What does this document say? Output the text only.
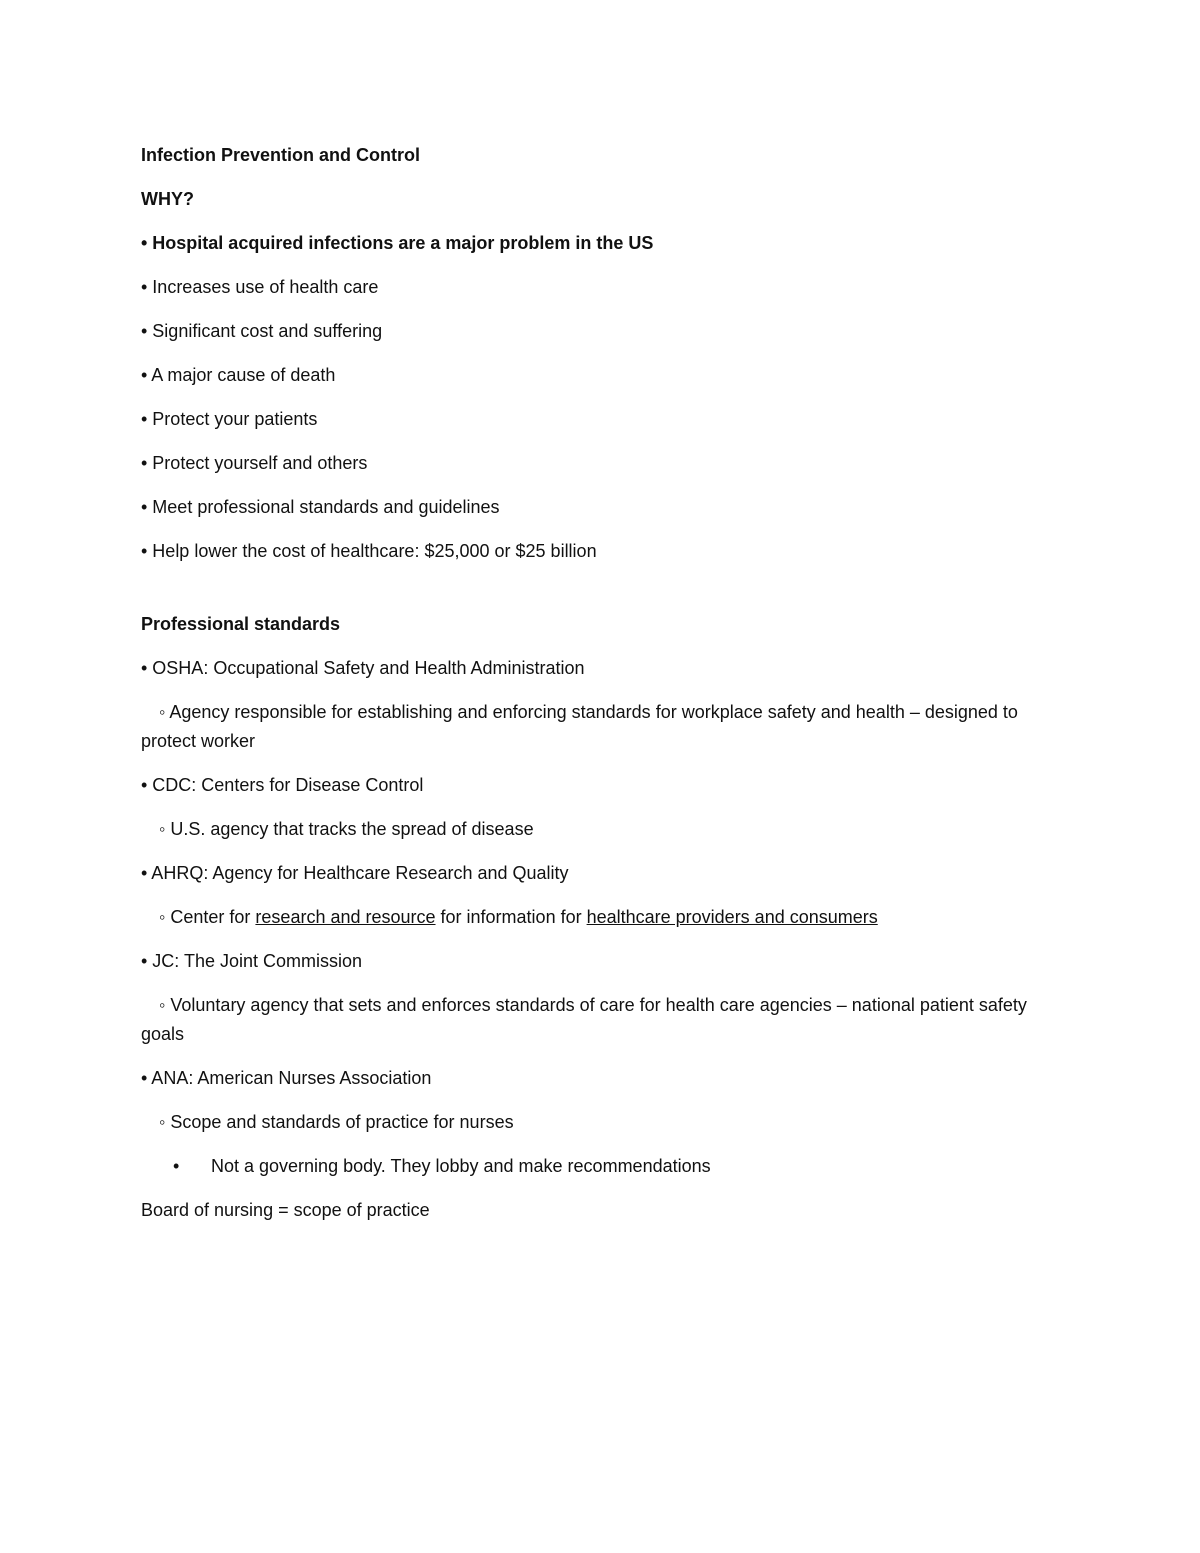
Infection Prevention and Control

WHY?

• Hospital acquired infections are a major problem in the US

• Increases use of health care

• Significant cost and suffering

• A major cause of death

• Protect your patients

• Protect yourself and others

• Meet professional standards and guidelines

• Help lower the cost of healthcare: $25,000 or $25 billion

Professional standards

• OSHA: Occupational Safety and Health Administration

◦ Agency responsible for establishing and enforcing standards for workplace safety and health – designed to protect worker

• CDC: Centers for Disease Control

◦ U.S. agency that tracks the spread of disease

• AHRQ: Agency for Healthcare Research and Quality

◦ Center for research and resource for information for healthcare providers and consumers

• JC: The Joint Commission

◦ Voluntary agency that sets and enforces standards of care for health care agencies – national patient safety goals

• ANA: American Nurses Association

◦ Scope and standards of practice for nurses

• Not a governing body. They lobby and make recommendations

Board of nursing = scope of practice
